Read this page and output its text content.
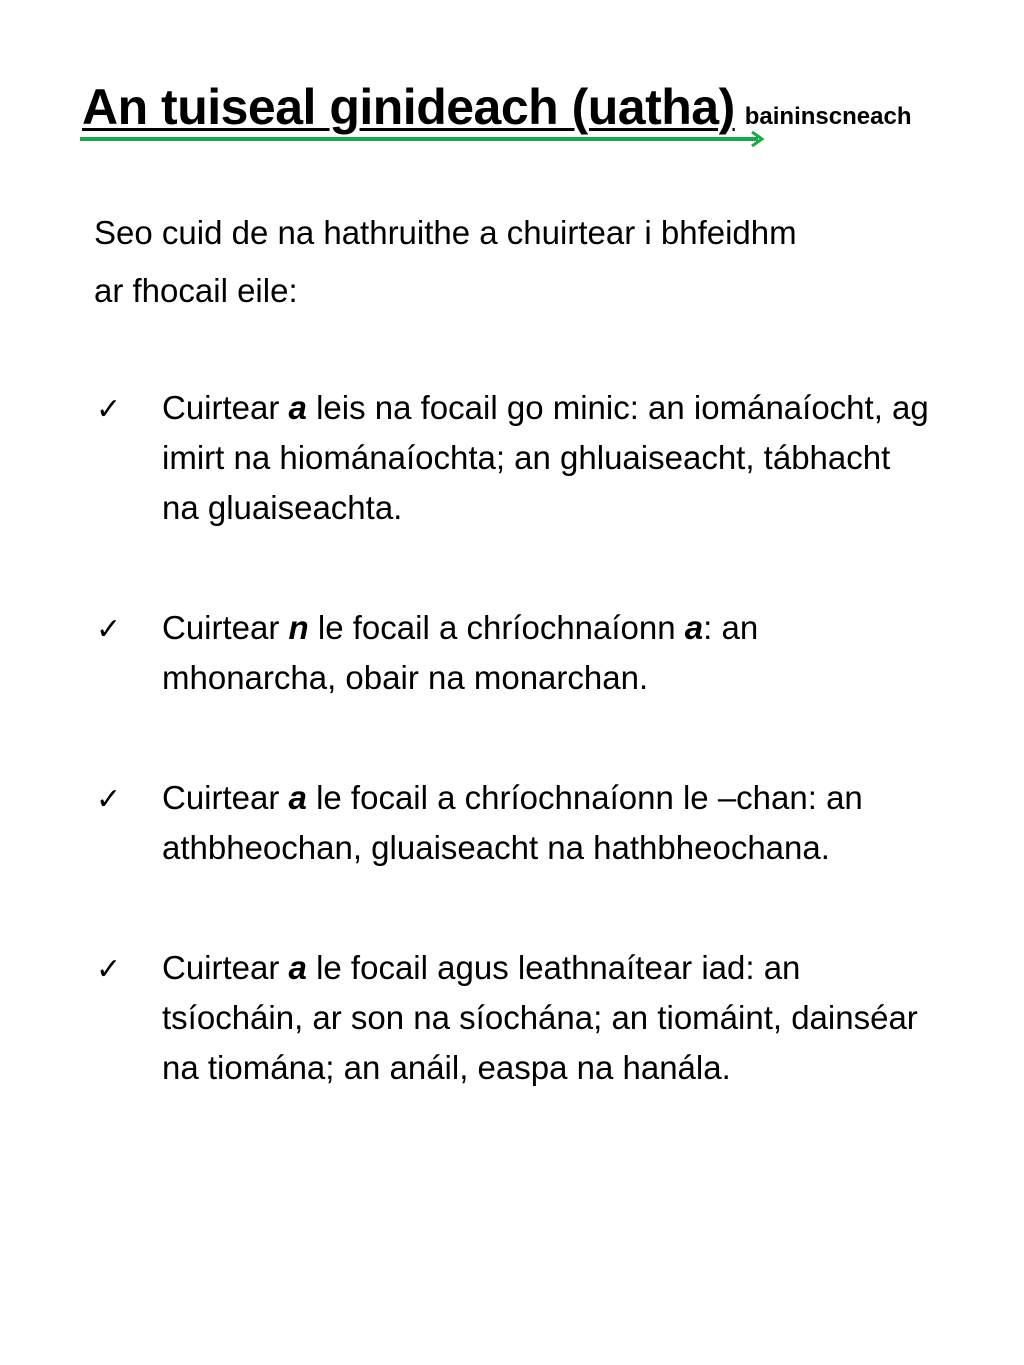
An tuiseal ginideach (uatha) baininscneach
Seo cuid de na hathruithe a chuirtear i bhfeidhm
ar fhocail eile:
✓ Cuirtear a leis na focail go minic: an iománaíocht, ag imirt na hiománaíochta; an ghluaiseacht, tábhacht na gluaiseachta.
✓ Cuirtear n le focail a chríochnaíonn a: an mhonarcha, obair na monarchan.
✓ Cuirtear a le focail a chríochnaíonn le –chan: an athbheochan, gluaiseacht na hathbheochana.
✓ Cuirtear a le focail agus leathnaítear iad: an tsíocháin, ar son na síochána; an tiomáint, dainséar na tiomána; an anáil, easpa na hanála.
